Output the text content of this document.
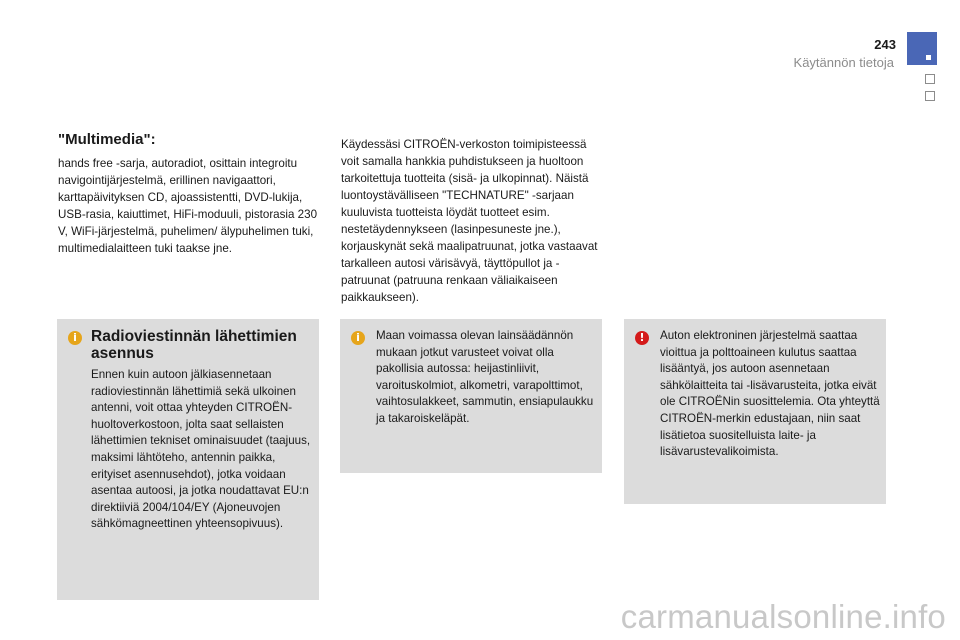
243
Käytännön tietoja
"Multimedia":
hands free -sarja, autoradiot, osittain integroitu navigointijärjestelmä, erillinen navigaattori, karttapäivityksen CD, ajoassistentti, DVD-lukija, USB-rasia, kaiuttimet, HiFi-moduuli, pistorasia 230 V, WiFi-järjestelmä, puhelimen/ älypuhelimen tuki, multimedialaitteen tuki taakse jne.
Käydessäsi CITROËN-verkoston toimipisteessä voit samalla hankkia puhdistukseen ja huoltoon tarkoitettuja tuotteita (sisä- ja ulkopinnat). Näistä luontoystävälliseen "TECHNATURE" -sarjaan kuuluvista tuotteista löydät tuotteet esim. nestetäydennykseen (lasinpesuneste jne.), korjauskynät sekä maalipatruunat, jotka vastaavat tarkalleen autosi värisävyä, täyttöpullot ja -patruunat (patruuna renkaan väliaikaiseen paikkaukseen).
i Radioviestinnän lähettimien asennus
Ennen kuin autoon jälkiasennetaan radioviestinnän lähettimiä sekä ulkoinen antenni, voit ottaa yhteyden CITROËN-huoltoverkostoon, jolta saat sellaisten lähettimien tekniset ominaisuudet (taajuus, maksimi lähtöteho, antennin paikka, erityiset asennusehdot), jotka voidaan asentaa autoosi, ja jotka noudattavat EU:n direktiiviä 2004/104/EY (Ajoneuvojen sähkömagneettinen yhteensopivuus).
i	Maan voimassa olevan lainsäädännön mukaan jotkut varusteet voivat olla pakollisia autossa: heijastinliivit, varoituskolmiot, alkometri, varapolttimot, vaihtosulakkeet, sammutin, ensiapulaukku ja takaroiskeläpät.
!	Auton elektroninen järjestelmä saattaa vioittua ja polttoaineen kulutus saattaa lisääntyä, jos autoon asennetaan sähkölaitteita tai -lisävarusteita, jotka eivät ole CITROËNin suosittelemia. Ota yhteyttä CITROËN-merkin edustajaan, niin saat lisätietoa suositelluista laite- ja lisävarustevalikoimista.
carmanualsonline.info
